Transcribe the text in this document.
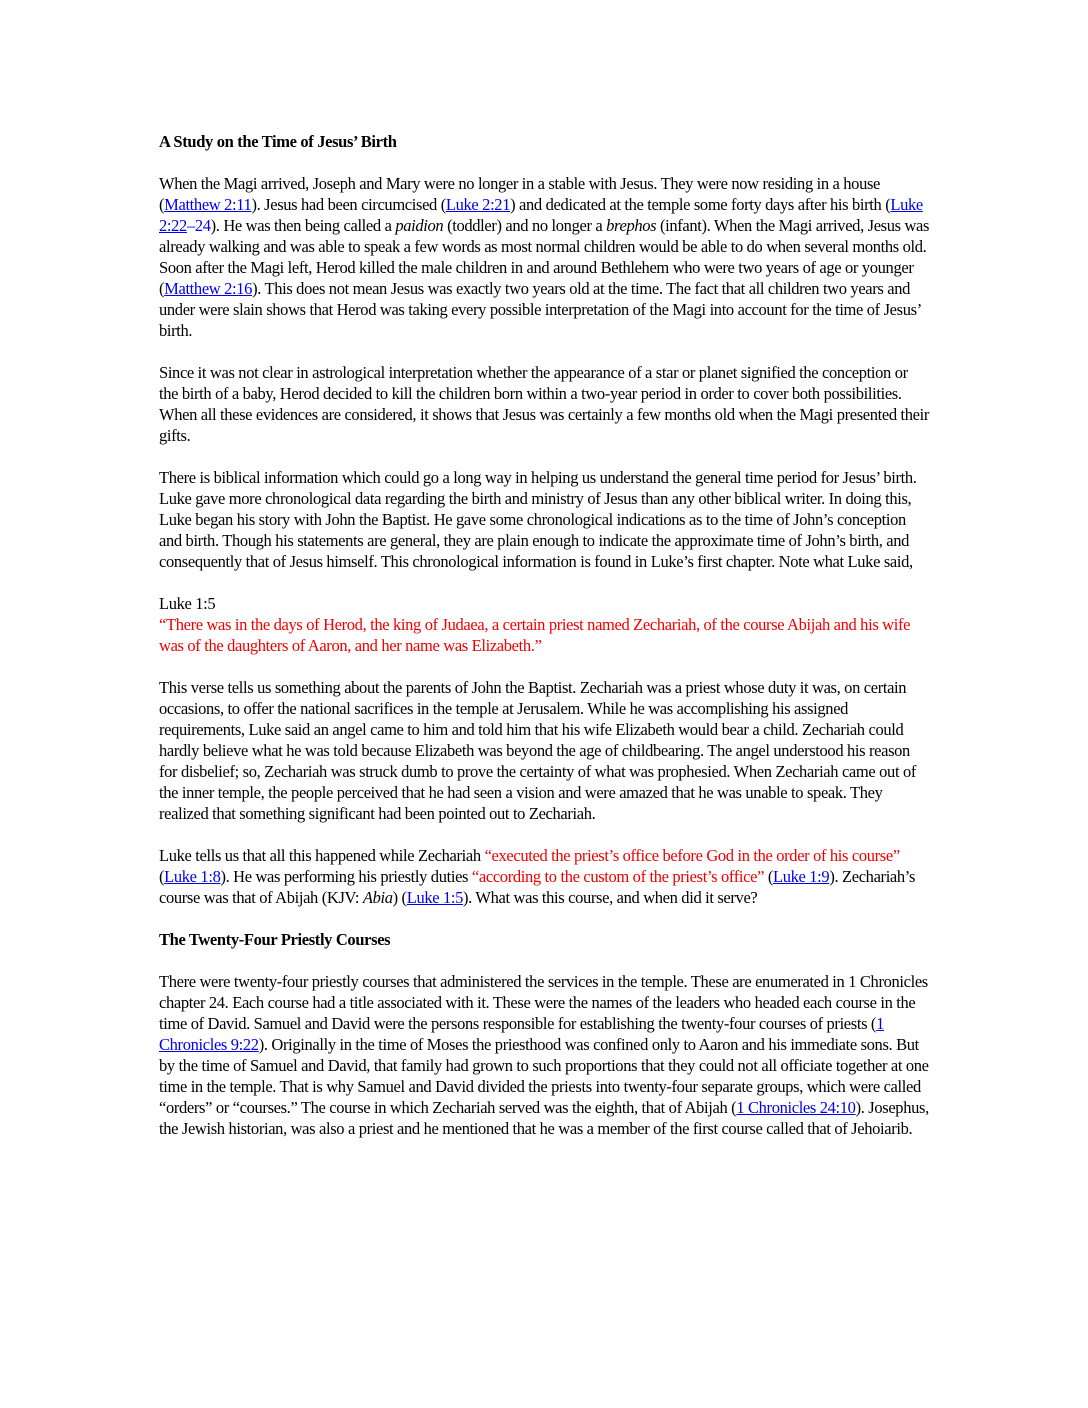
A Study on the Time of Jesus’ Birth

When the Magi arrived, Joseph and Mary were no longer in a stable with Jesus. They were now residing in a house (Matthew 2:11). Jesus had been circumcised (Luke 2:21) and dedicated at the temple some forty days after his birth (Luke 2:22–24). He was then being called a paidion (toddler) and no longer a brephos (infant). When the Magi arrived, Jesus was already walking and was able to speak a few words as most normal children would be able to do when several months old. Soon after the Magi left, Herod killed the male children in and around Bethlehem who were two years of age or younger (Matthew 2:16). This does not mean Jesus was exactly two years old at the time. The fact that all children two years and under were slain shows that Herod was taking every possible interpretation of the Magi into account for the time of Jesus’ birth.

Since it was not clear in astrological interpretation whether the appearance of a star or planet signified the conception or the birth of a baby, Herod decided to kill the children born within a two-year period in order to cover both possibilities. When all these evidences are considered, it shows that Jesus was certainly a few months old when the Magi presented their gifts.

There is biblical information which could go a long way in helping us understand the general time period for Jesus’ birth. Luke gave more chronological data regarding the birth and ministry of Jesus than any other biblical writer. In doing this, Luke began his story with John the Baptist. He gave some chronological indications as to the time of John’s conception and birth. Though his statements are general, they are plain enough to indicate the approximate time of John’s birth, and consequently that of Jesus himself. This chronological information is found in Luke’s first chapter. Note what Luke said,

Luke 1:5

“There was in the days of Herod, the king of Judaea, a certain priest named Zechariah, of the course Abijah and his wife was of the daughters of Aaron, and her name was Elizabeth.”

This verse tells us something about the parents of John the Baptist. Zechariah was a priest whose duty it was, on certain occasions, to offer the national sacrifices in the temple at Jerusalem. While he was accomplishing his assigned requirements, Luke said an angel came to him and told him that his wife Elizabeth would bear a child. Zechariah could hardly believe what he was told because Elizabeth was beyond the age of childbearing. The angel understood his reason for disbelief; so, Zechariah was struck dumb to prove the certainty of what was prophesied. When Zechariah came out of the inner temple, the people perceived that he had seen a vision and were amazed that he was unable to speak. They realized that something significant had been pointed out to Zechariah.

Luke tells us that all this happened while Zechariah “executed the priest’s office before God in the order of his course” (Luke 1:8). He was performing his priestly duties “according to the custom of the priest’s office” (Luke 1:9). Zechariah’s course was that of Abijah (KJV: Abia) (Luke 1:5). What was this course, and when did it serve?

The Twenty-Four Priestly Courses

There were twenty-four priestly courses that administered the services in the temple. These are enumerated in 1 Chronicles chapter 24. Each course had a title associated with it. These were the names of the leaders who headed each course in the time of David. Samuel and David were the persons responsible for establishing the twenty-four courses of priests (1 Chronicles 9:22). Originally in the time of Moses the priesthood was confined only to Aaron and his immediate sons. But by the time of Samuel and David, that family had grown to such proportions that they could not all officiate together at one time in the temple. That is why Samuel and David divided the priests into twenty-four separate groups, which were called “orders” or “courses.” The course in which Zechariah served was the eighth, that of Abijah (1 Chronicles 24:10). Josephus, the Jewish historian, was also a priest and he mentioned that he was a member of the first course called that of Jehoiarib.
